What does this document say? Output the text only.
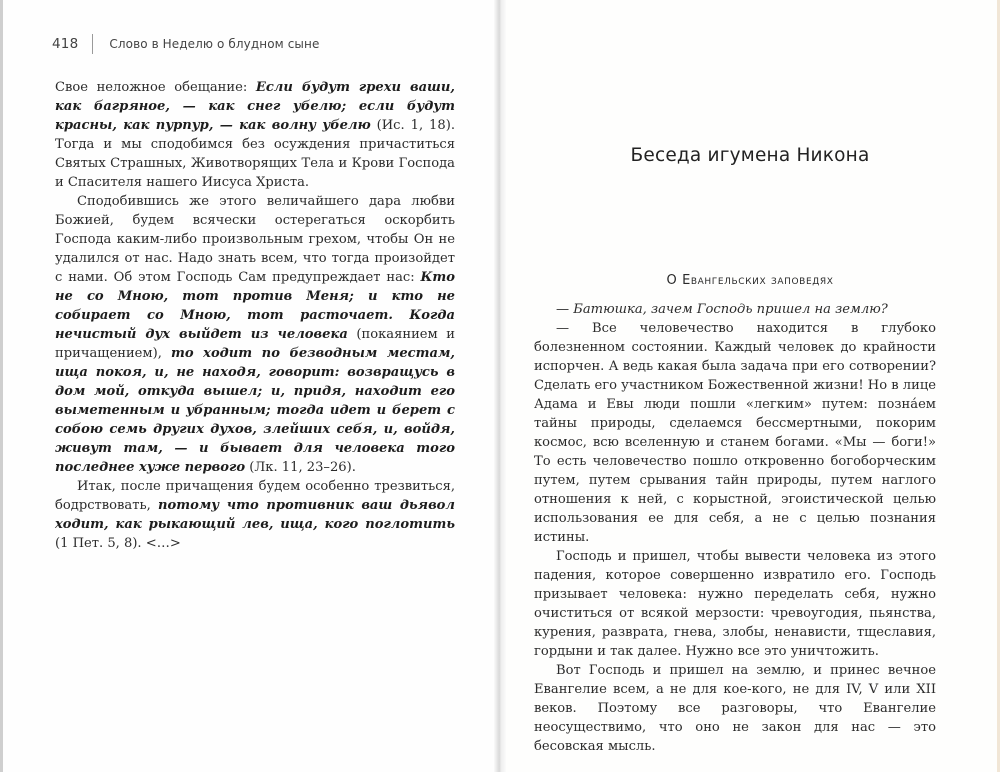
418	Слово в Неделю о блудном сыне

Свое неложное обещание: Если будут грехи ваши, как багряное, — как снег убелю; если будут красны, как пурпур, — как волну убелю (Ис. 1, 18). Тогда и мы сподобимся без осуждения причаститься Святых Страшных, Животворящих Тела и Крови Господа и Спасителя нашего Иисуса Христа.

Сподобившись же этого величайшего дара любви Божией, будем всячески остерегаться оскорбить Господа каким-либо произвольным грехом, чтобы Он не удалился от нас. Надо знать всем, что тогда произойдет с нами. Об этом Господь Сам предупреждает нас: Кто не со Мною, тот против Меня; и кто не собирает со Мною, тот расточает. Когда нечистый дух выйдет из человека (покаянием и причащением), то ходит по безводным местам, ища покоя, и, не находя, говорит: возвращусь в дом мой, откуда вышел; и, придя, находит его выметенным и убранным; тогда идет и берет с собою семь других духов, злейших себя, и, войдя, живут там, — и бывает для человека того последнее хуже первого (Лк. 11, 23–26).

Итак, после причащения будем особенно трезвиться, бодрствовать, потому что противник ваш дьявол ходит, как рыкающий лев, ища, кого поглотить (1 Пет. 5, 8). <…>

Беседа игумена Никона
О Евангельских заповедях

— Батюшка, зачем Господь пришел на землю?

— Все человечество находится в глубоко болезненном состоянии. Каждый человек до крайности испорчен. А ведь какая была задача при его сотворении? Сделать его участником Божественной жизни! Но в лице Адама и Евы люди пошли «легким» путем: позна́ем тайны природы, сделаемся бессмертными, покорим космос, всю вселенную и станем богами. «Мы — боги!» То есть человечество пошло откровенно богоборческим путем, путем срывания тайн природы, путем наглого отношения к ней, с корыстной, эгоистической целью использования ее для себя, а не с целью познания истины.

Господь и пришел, чтобы вывести человека из этого падения, которое совершенно извратило его. Господь призывает человека: нужно переделать себя, нужно очиститься от всякой мерзости: чревоугодия, пьянства, курения, разврата, гнева, злобы, ненависти, тщеславия, гордыни и так далее. Нужно все это уничтожить.

Вот Господь и пришел на землю, и принес вечное Евангелие всем, а не для кое-кого, не для IV, V или XII веков. Поэтому все разговоры, что Евангелие неосуществимо, что оно не закон для нас — это бесовская мысль.
